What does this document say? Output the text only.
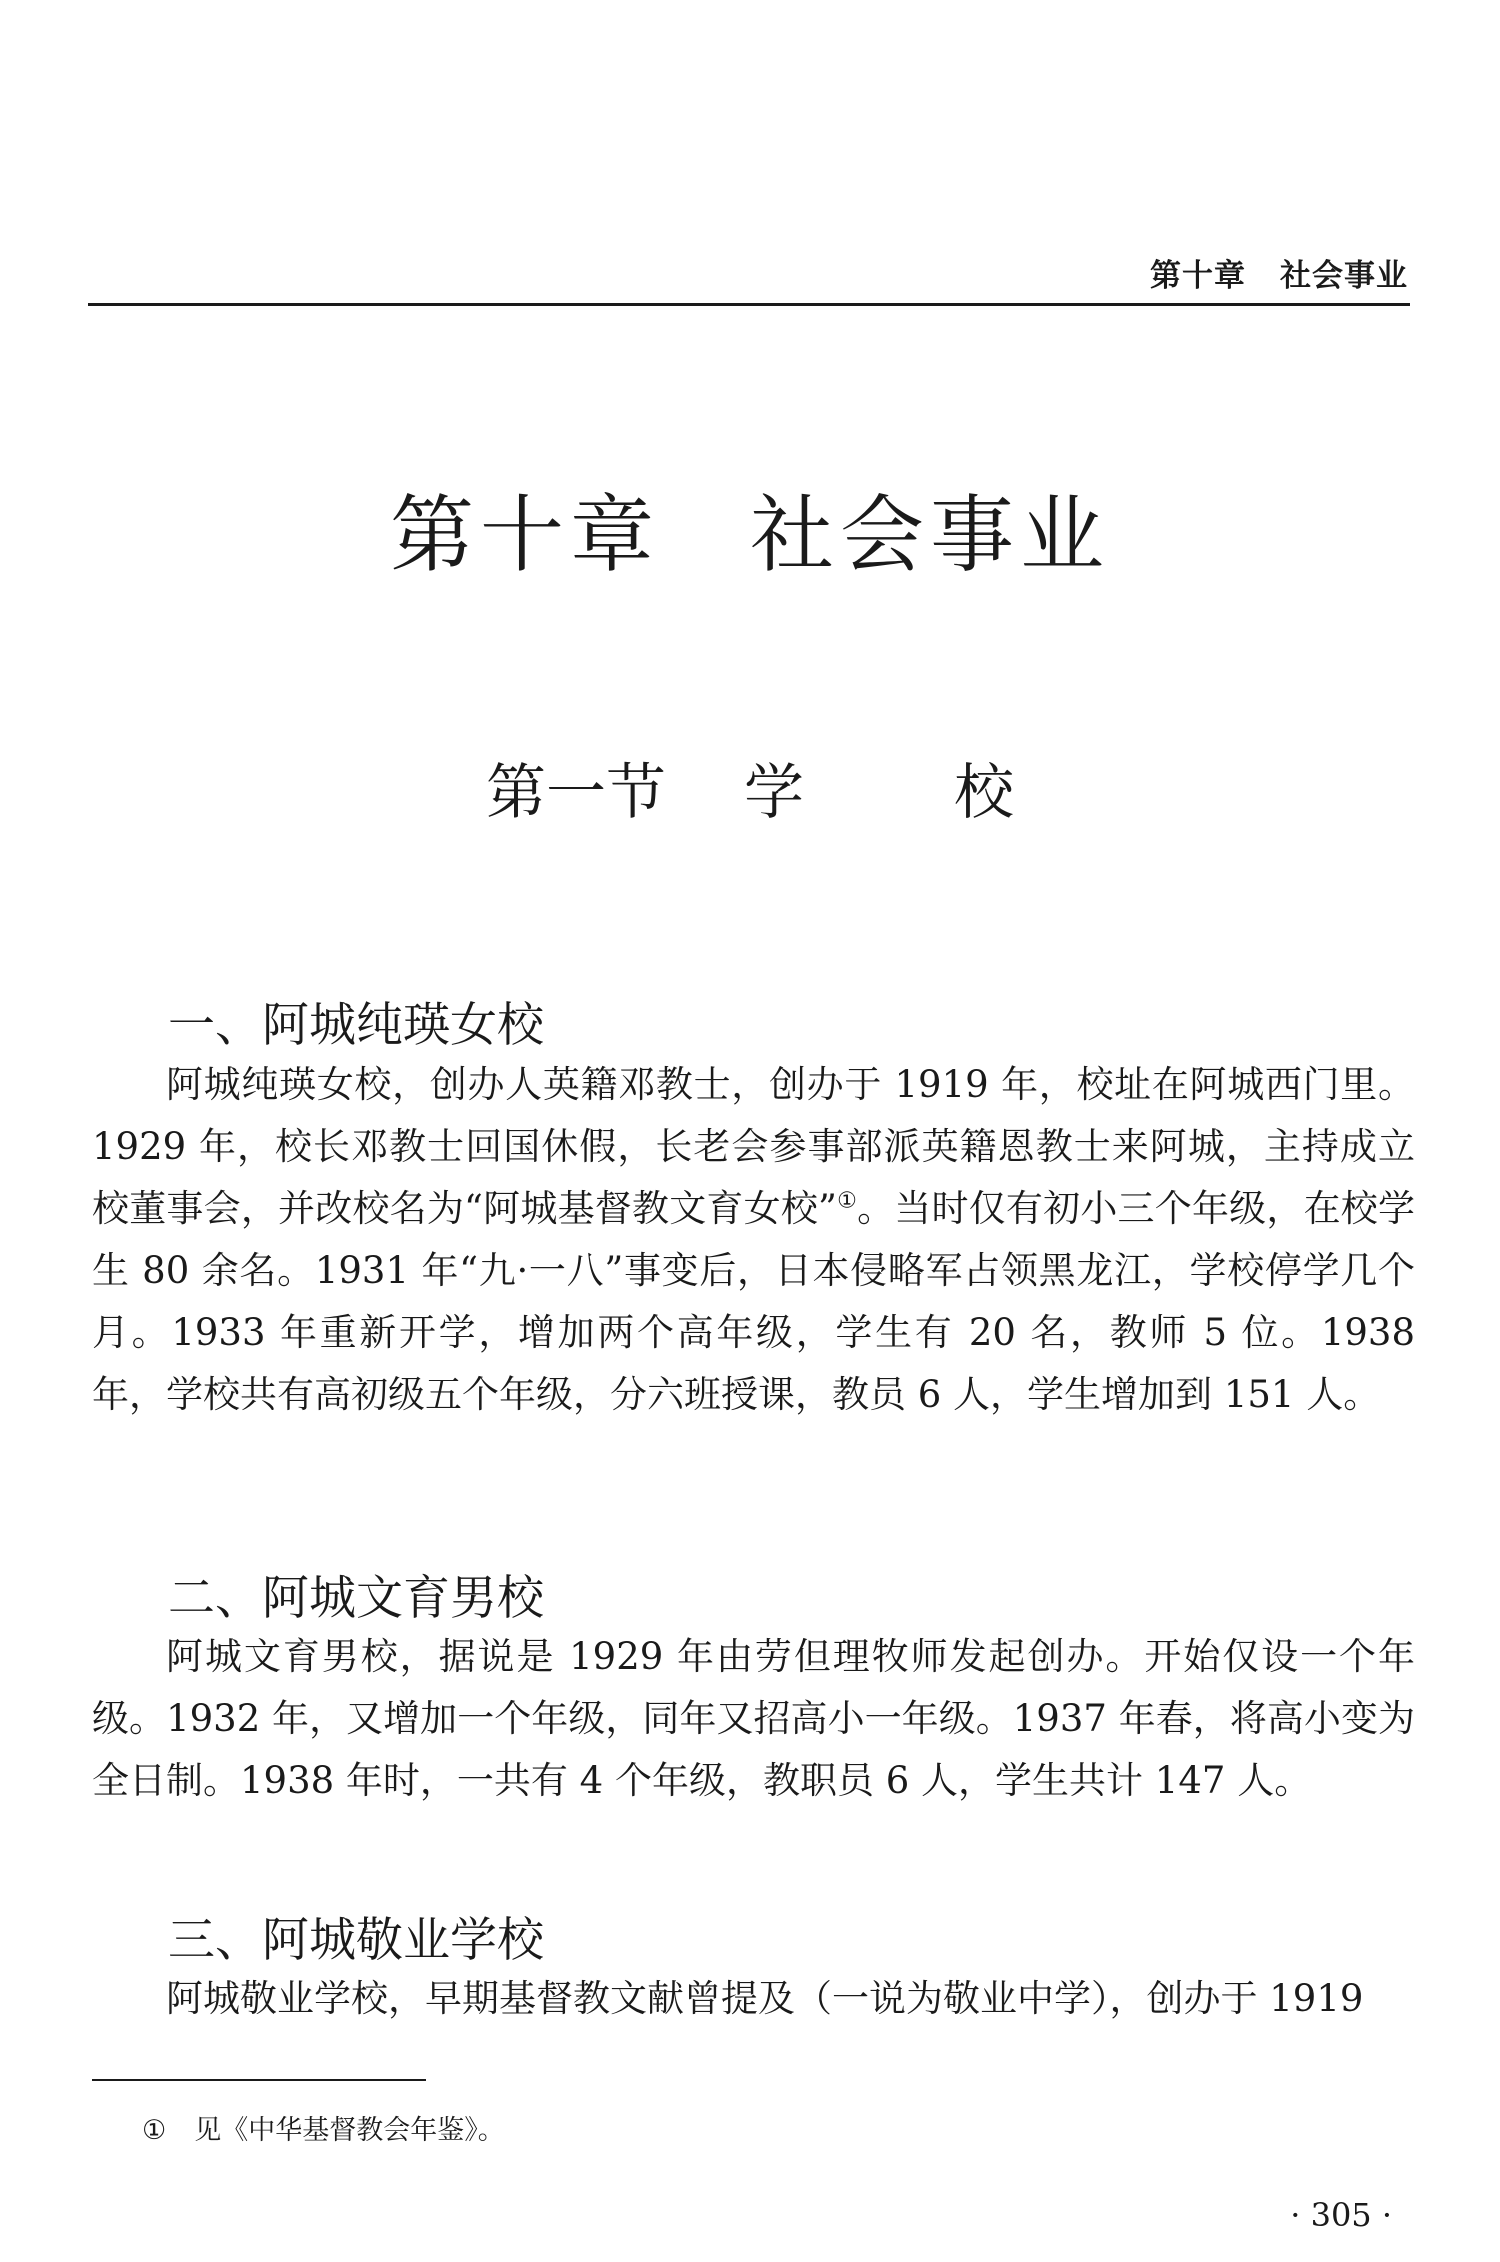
第十章 社会事业
第十章 社会事业
第一节 学	校
一、阿城纯瑛女校

阿城纯瑛女校，创办人英籍邓教士，创办于 1919 年，校址在阿城西门里。1929 年，校长邓教士回国休假，长老会参事部派英籍恩教士来阿城，主持成立校董事会，并改校名为“阿城基督教文育女校”①。当时仅有初小三个年级，在校学生 80 余名。1931 年“九·一八”事变后，日本侵略军占领黑龙江，学校停学几个月。1933 年重新开学，增加两个高年级，学生有 20 名，教师 5 位。1938 年，学校共有高初级五个年级，分六班授课，教员 6 人，学生增加到 151 人。

二、阿城文育男校

阿城文育男校，据说是 1929 年由劳但理牧师发起创办。开始仅设一个年级。1932 年，又增加一个年级，同年又招高小一年级。1937 年春，将高小变为全日制。1938 年时，一共有 4 个年级，教职员 6 人，学生共计 147 人。

三、阿城敬业学校

阿城敬业学校，早期基督教文献曾提及（一说为敬业中学），创办于 1919

① 见《中华基督教会年鉴》。
· 305 ·
